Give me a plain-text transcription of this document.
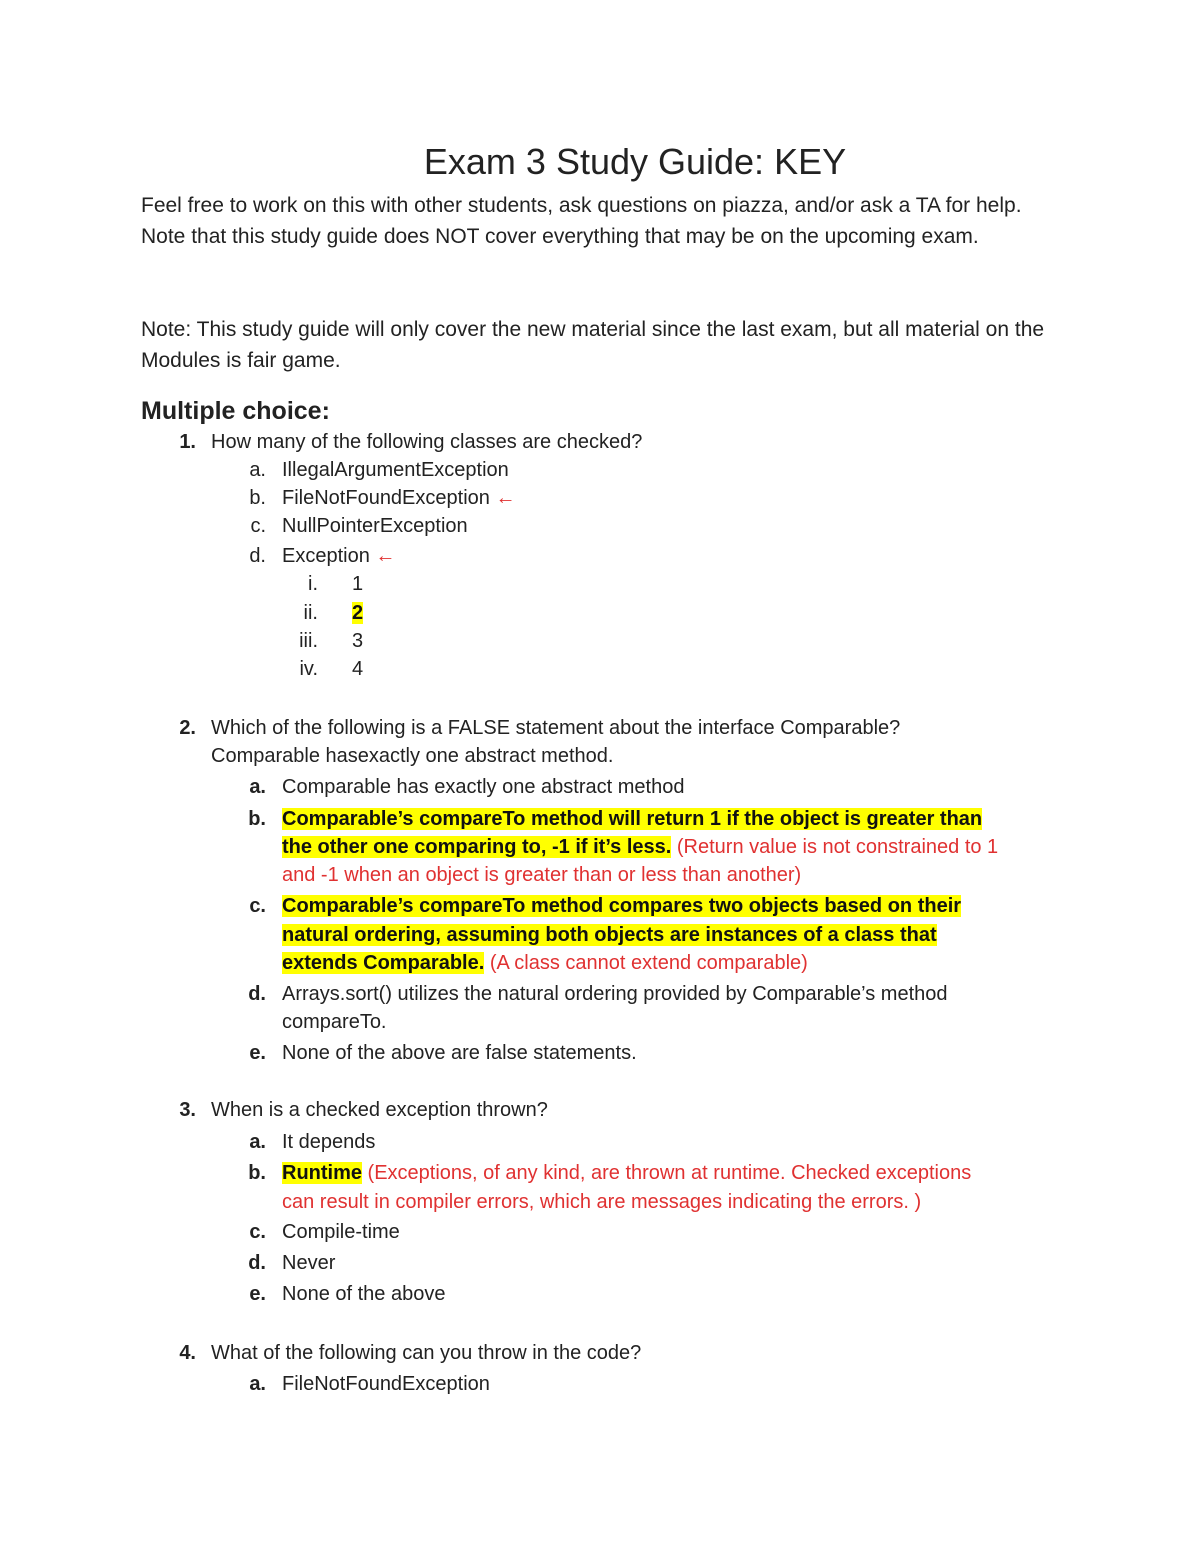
Exam 3 Study Guide: KEY
Feel free to work on this with other students, ask questions on piazza, and/or ask a TA for help. Note that this study guide does NOT cover everything that may be on the upcoming exam.
Note: This study guide will only cover the new material since the last exam, but all material on the Modules is fair game.
Multiple choice:
1. How many of the following classes are checked?
a. IllegalArgumentException
b. FileNotFoundException ←
c. NullPointerException
d. Exception ←
i. 1
ii. 2
iii. 3
iv. 4
2. Which of the following is a FALSE statement about the interface Comparable?
Comparable hasexactly one abstract method.
a. Comparable has exactly one abstract method
b. Comparable’s compareTo method will return 1 if the object is greater than
the other one comparing to, -1 if it’s less. (Return value is not constrained to 1
and -1 when an object is greater than or less than another)
c. Comparable’s compareTo method compares two objects based on their
natural ordering, assuming both objects are instances of a class that
extends Comparable. (A class cannot extend comparable)
d. Arrays.sort() utilizes the natural ordering provided by Comparable’s method
compareTo.
e. None of the above are false statements.
3. When is a checked exception thrown?
a. It depends
b. Runtime (Exceptions, of any kind, are thrown at runtime. Checked exceptions
can result in compiler errors, which are messages indicating the errors. )
c. Compile-time
d. Never
e. None of the above
4. What of the following can you throw in the code?
a. FileNotFoundException
